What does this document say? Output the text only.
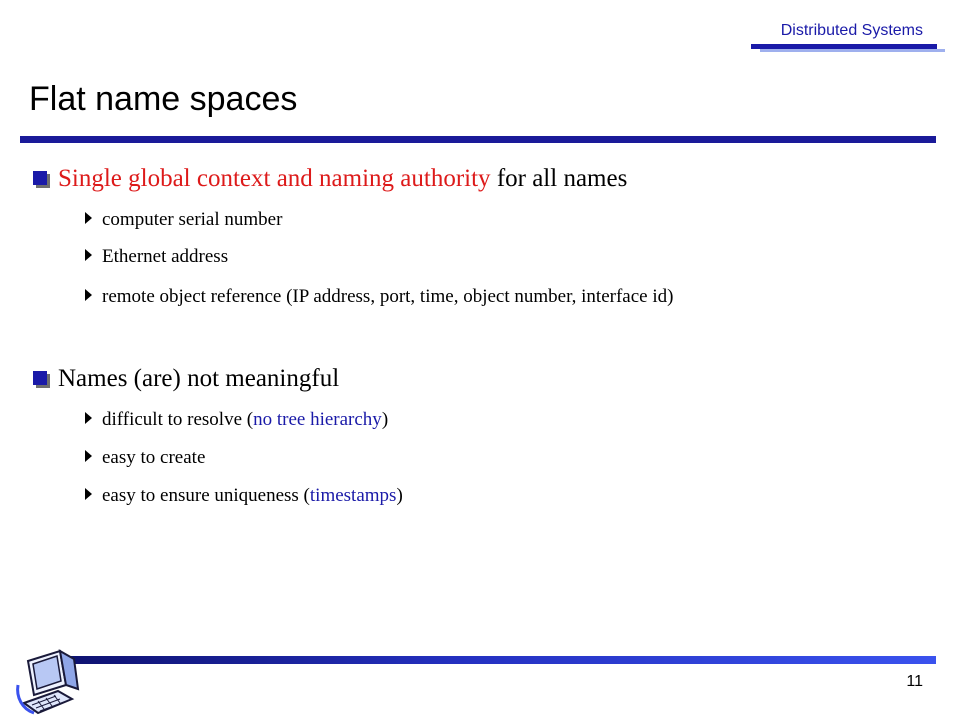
Distributed Systems
Flat name spaces
Single global context and naming authority for all names
computer serial number
Ethernet address
remote object reference (IP address, port, time, object number, interface id)
Names (are) not meaningful
difficult to resolve (no tree hierarchy)
easy to create
easy to ensure uniqueness (timestamps)
11
